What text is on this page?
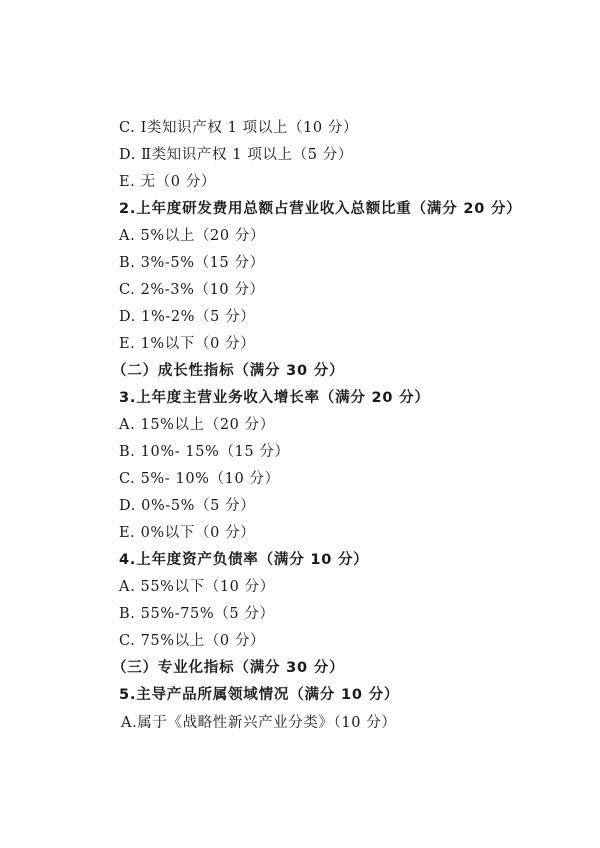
C. Ⅰ类知识产权 1 项以上（10 分）
D. Ⅱ类知识产权 1 项以上（5 分）
E. 无（0 分）
2.上年度研发费用总额占营业收入总额比重（满分 20 分）
A. 5%以上（20 分）
B. 3%-5%（15 分）
C. 2%-3%（10 分）
D. 1%-2%（5 分）
E. 1%以下（0 分）
（二）成长性指标（满分 30 分）
3.上年度主营业务收入增长率（满分 20 分）
A. 15%以上（20 分）
B. 10%- 15%（15 分）
C. 5%- 10%（10 分）
D. 0%-5%（5 分）
E. 0%以下（0 分）
4.上年度资产负债率（满分 10 分）
A. 55%以下（10 分）
B. 55%-75%（5 分）
C. 75%以上（0 分）
（三）专业化指标（满分 30 分）
5.主导产品所属领域情况（满分 10 分）
A.属于《战略性新兴产业分类》（10 分）
